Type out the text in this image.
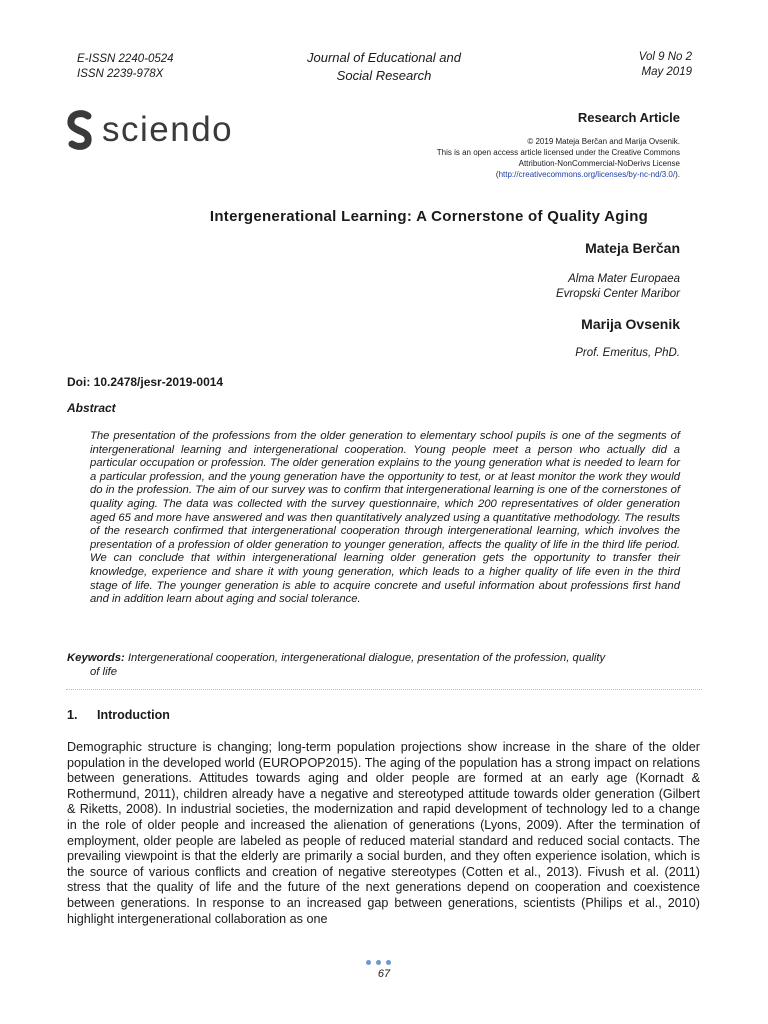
E-ISSN 2240-0524
ISSN 2239-978X
Journal of Educational and
Social Research
Vol 9 No 2
May 2019
sciendo	Research Article
© 2019 Mateja Berčan and Marija Ovsenik.
This is an open access article licensed under the Creative Commons
Attribution-NonCommercial-NoDerivs License
(http://creativecommons.org/licenses/by-nc-nd/3.0/).
Intergenerational Learning: A Cornerstone of Quality Aging
Mateja Berčan
Alma Mater Europaea
Evropski Center Maribor
Marija Ovsenik
Prof. Emeritus, PhD.
Doi: 10.2478/jesr-2019-0014
Abstract
The presentation of the professions from the older generation to elementary school pupils is one of the segments of intergenerational learning and intergenerational cooperation. Young people meet a person who actually did a particular occupation or profession. The older generation explains to the young generation what is needed to learn for a particular profession, and the young generation have the opportunity to test, or at least monitor the work they would do in the profession. The aim of our survey was to confirm that intergenerational learning is one of the cornerstones of quality aging. The data was collected with the survey questionnaire, which 200 representatives of older generation aged 65 and more have answered and was then quantitatively analyzed using a quantitative methodology. The results of the research confirmed that intergenerational cooperation through intergenerational learning, which involves the presentation of a profession of older generation to younger generation, affects the quality of life in the third life period. We can conclude that within intergenerational learning older generation gets the opportunity to transfer their knowledge, experience and share it with young generation, which leads to a higher quality of life even in the third stage of life. The younger generation is able to acquire concrete and useful information about professions first hand and in addition learn about aging and social tolerance.
Keywords: Intergenerational cooperation, intergenerational dialogue, presentation of the profession, quality
of life
1. Introduction
Demographic structure is changing; long-term population projections show increase in the share of the older population in the developed world (EUROPOP2015). The aging of the population has a strong impact on relations between generations. Attitudes towards aging and older people are formed at an early age (Kornadt & Rothermund, 2011), children already have a negative and stereotyped attitude towards older generation (Gilbert & Riketts, 2008). In industrial societies, the modernization and rapid development of technology led to a change in the role of older people and increased the alienation of generations (Lyons, 2009). After the termination of employment, older people are labeled as people of reduced material standard and reduced social contacts. The prevailing viewpoint is that the elderly are primarily a social burden, and they often experience isolation, which is the source of various conflicts and creation of negative stereotypes (Cotten et al., 2013). Fivush et al. (2011) stress that the quality of life and the future of the next generations depend on cooperation and coexistence between generations. In response to an increased gap between generations, scientists (Philips et al., 2010) highlight intergenerational collaboration as one
67
